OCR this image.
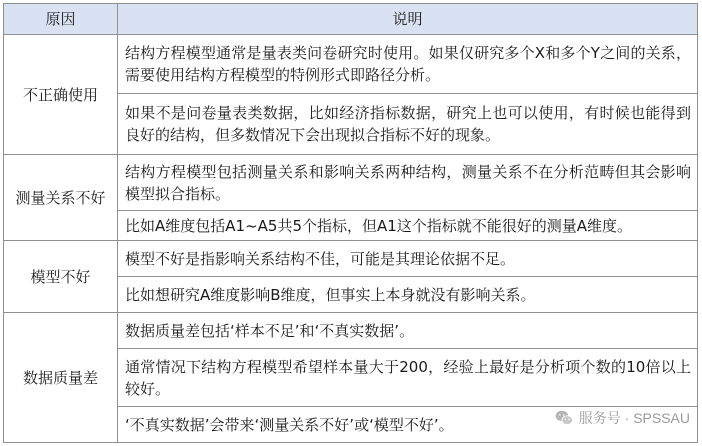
原因	说明
不正确使用	结构方程模型通常是量表类问卷研究时使用。如果仅研究多个X和多个Y之间的关系，需要使用结构方程模型的特例形式即路径分析。
	如果不是问卷量表类数据，比如经济指标数据，研究上也可以使用，有时候也能得到良好的结构，但多数情况下会出现拟合指标不好的现象。
测量关系不好	结构方程模型包括测量关系和影响关系两种结构，测量关系不在分析范畴但其会影响模型拟合指标。
	比如A维度包括A1~A5共5个指标，但A1这个指标就不能很好的测量A维度。
模型不好	模型不好是指影响关系结构不佳，可能是其理论依据不足。
	比如想研究A维度影响B维度，但事实上本身就没有影响关系。
数据质量差	数据质量差包括‘样本不足’和‘不真实数据’。
	通常情况下结构方程模型希望样本量大于200，经验上最好是分析项个数的10倍以上较好。
	‘不真实数据’会带来‘测量关系不好’或‘模型不好’。	服务号 · SPSSAU
